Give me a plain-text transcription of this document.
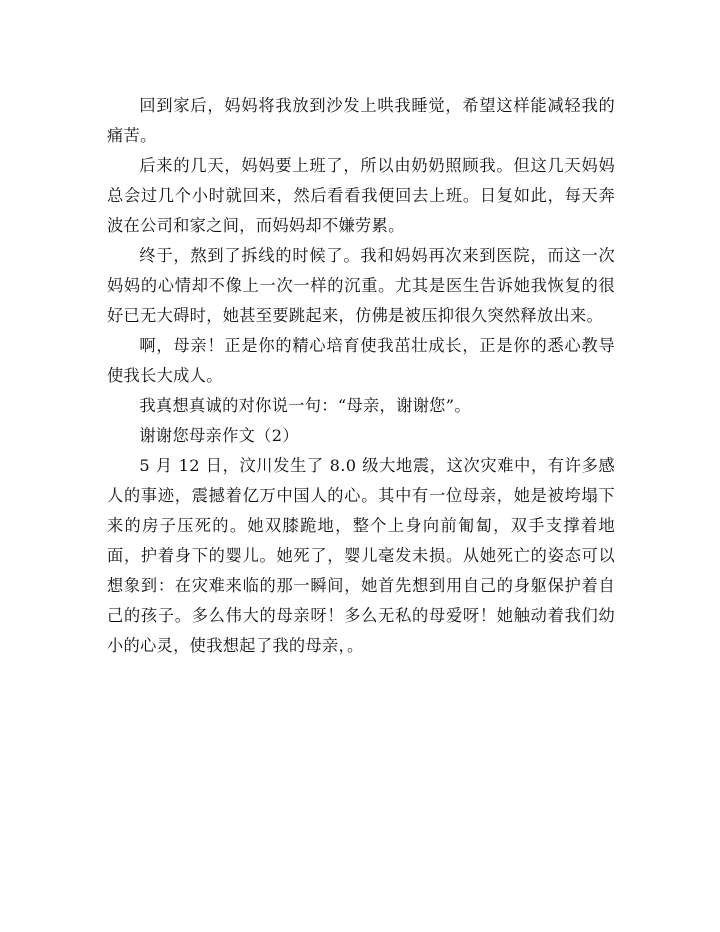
回到家后，妈妈将我放到沙发上哄我睡觉，希望这样能减轻我的痛苦。

后来的几天，妈妈要上班了，所以由奶奶照顾我。但这几天妈妈总会过几个小时就回来，然后看看我便回去上班。日复如此，每天奔波在公司和家之间，而妈妈却不嫌劳累。

终于，熬到了拆线的时候了。我和妈妈再次来到医院，而这一次妈妈的心情却不像上一次一样的沉重。尤其是医生告诉她我恢复的很好已无大碍时，她甚至要跳起来，仿佛是被压抑很久突然释放出来。

啊，母亲！正是你的精心培育使我茁壮成长，正是你的悉心教导使我长大成人。

我真想真诚的对你说一句：“母亲，谢谢您”。

谢谢您母亲作文（2）

5 月 12 日，汶川发生了 8.0 级大地震，这次灾难中，有许多感人的事迹，震撼着亿万中国人的心。其中有一位母亲，她是被垮塌下来的房子压死的。她双膝跪地，整个上身向前匍匐，双手支撑着地面，护着身下的婴儿。她死了，婴儿毫发未损。从她死亡的姿态可以想象到：在灾难来临的那一瞬间，她首先想到用自己的身躯保护着自己的孩子。多么伟大的母亲呀！多么无私的母爱呀！她触动着我们幼小的心灵，使我想起了我的母亲，。
